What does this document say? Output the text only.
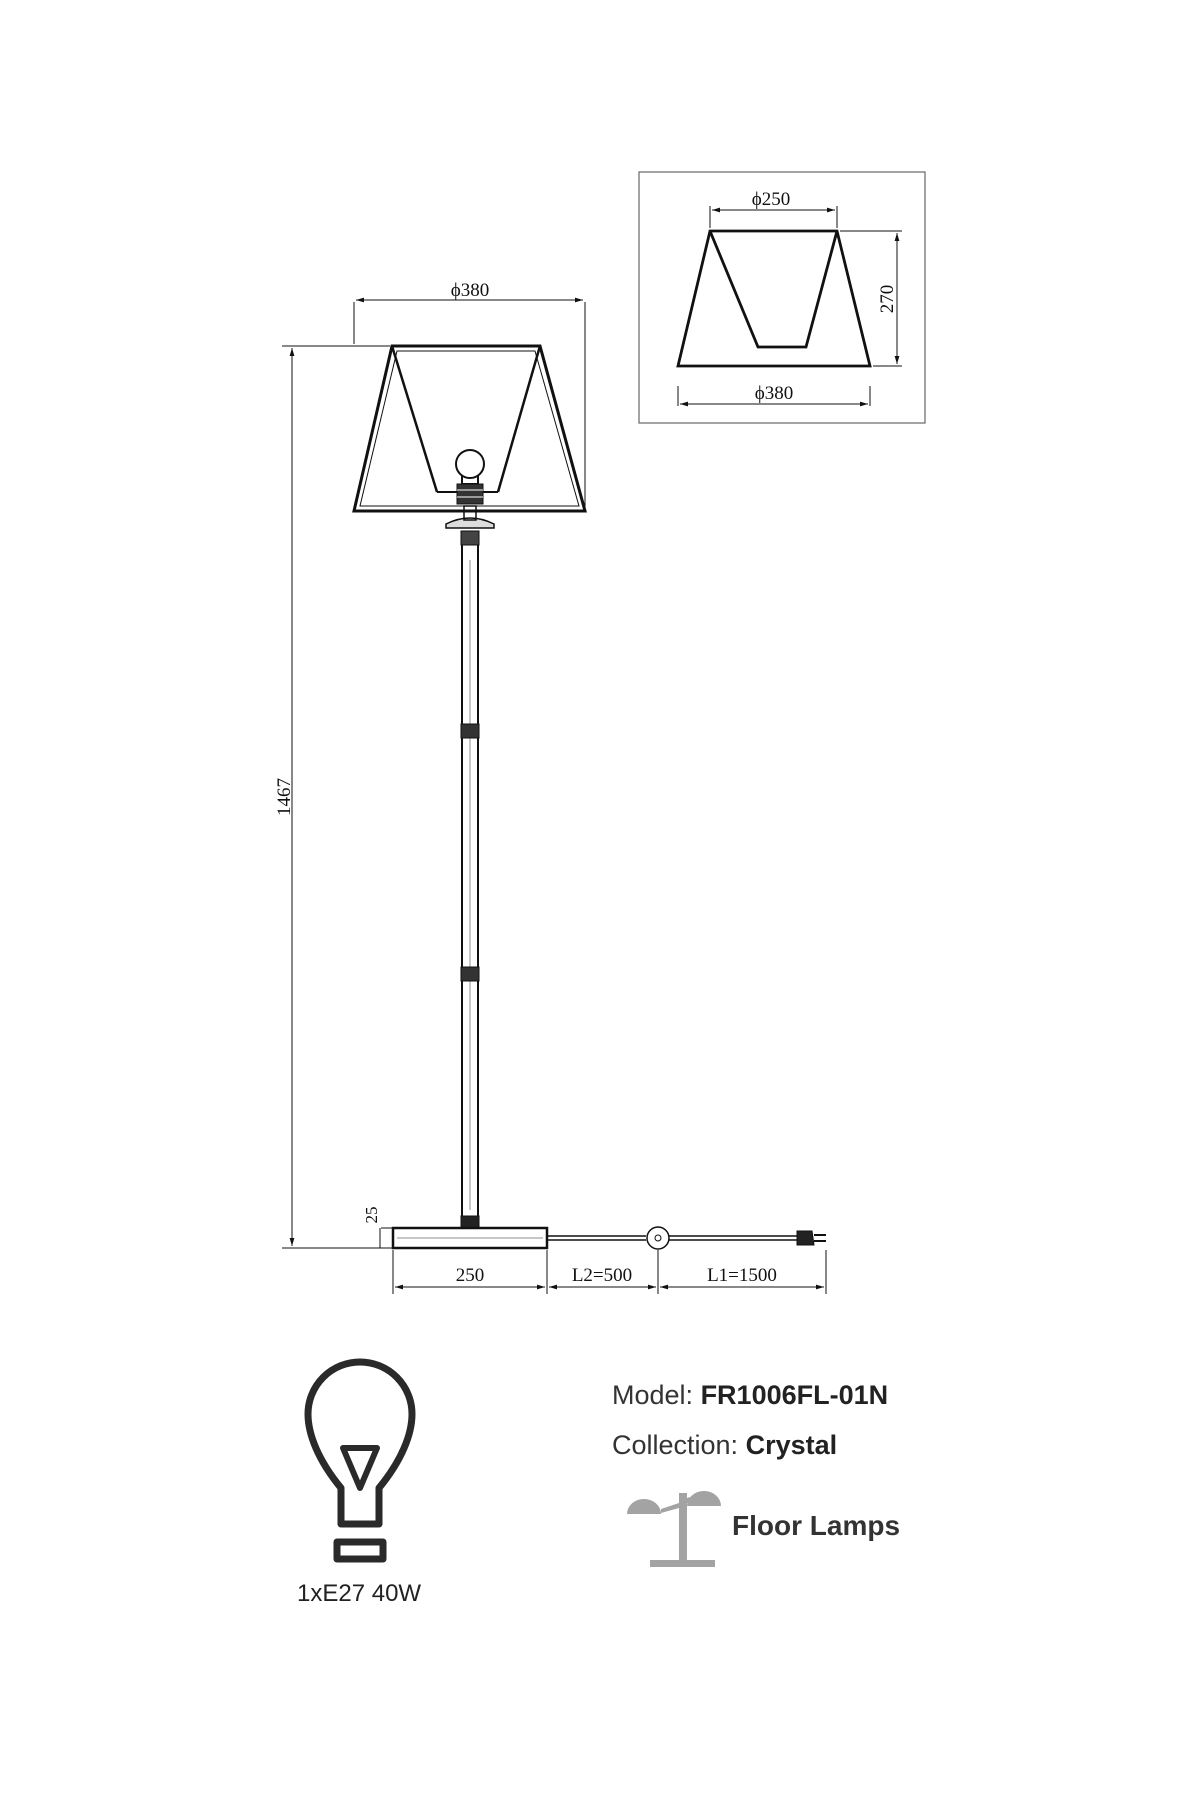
ϕ380
1467
25
250	L2=500	L1=1500
ϕ250
270
ϕ380
Model: FR1006FL-01N
Collection: Crystal
Floor Lamps
1xE27 40W
